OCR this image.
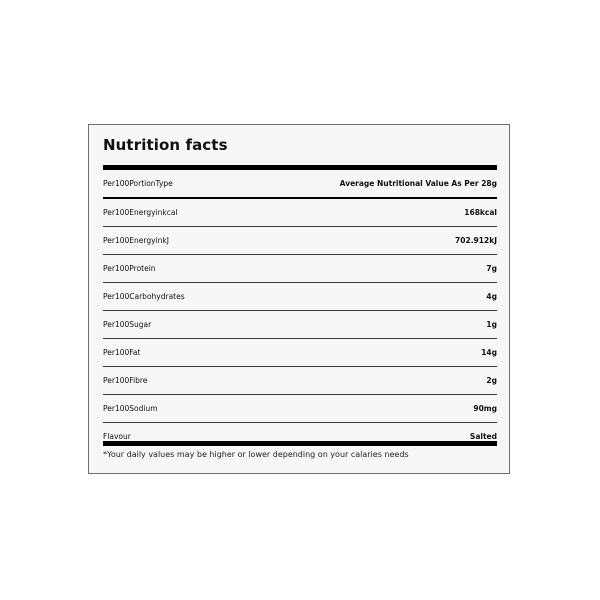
Nutrition facts
Per100PortionType	Average Nutritional Value As Per 28g
Per100Energyinkcal	168kcal
Per100EnergyinkJ	702.912kJ
Per100Protein	7g
Per100Carbohydrates	4g
Per100Sugar	1g
Per100Fat	14g
Per100Fibre	2g
Per100Sodium	90mg
Flavour	Salted
*Your daily values may be higher or lower depending on your calaries needs
